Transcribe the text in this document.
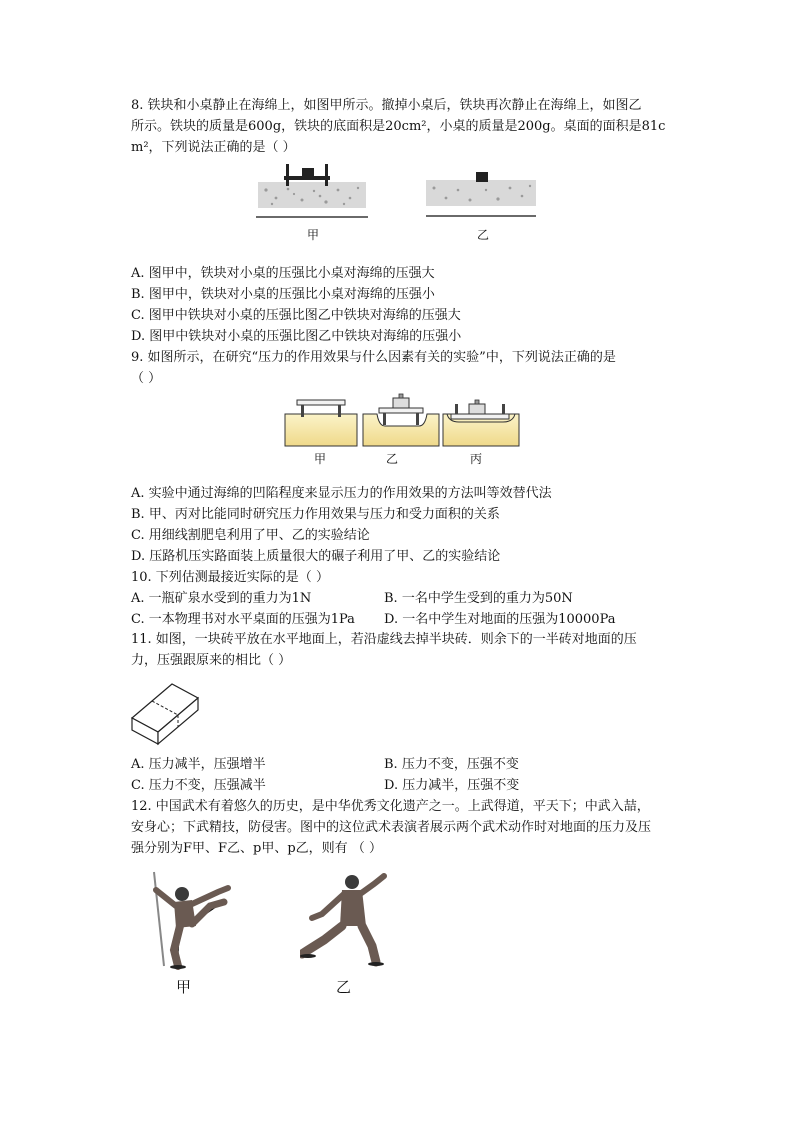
8. 铁块和小桌静止在海绵上，如图甲所示。撤掉小桌后，铁块再次静止在海绵上，如图乙
所示。铁块的质量是600g，铁块的底面积是20cm²，小桌的质量是200g。桌面的面积是81c
m²，下列说法正确的是（ ）
甲	乙
A. 图甲中，铁块对小桌的压强比小桌对海绵的压强大
B. 图甲中，铁块对小桌的压强比小桌对海绵的压强小
C. 图甲中铁块对小桌的压强比图乙中铁块对海绵的压强大
D. 图甲中铁块对小桌的压强比图乙中铁块对海绵的压强小
9. 如图所示，在研究“压力的作用效果与什么因素有关的实验”中，下列说法正确的是
（ ）
甲	乙	丙
A. 实验中通过海绵的凹陷程度来显示压力的作用效果的方法叫等效替代法
B. 甲、丙对比能同时研究压力作用效果与压力和受力面积的关系
C. 用细线割肥皂利用了甲、乙的实验结论
D. 压路机压实路面装上质量很大的碾子利用了甲、乙的实验结论
10. 下列估测最接近实际的是（ ）
A. 一瓶矿泉水受到的重力为1N	B. 一名中学生受到的重力为50N
C. 一本物理书对水平桌面的压强为1Pa D. 一名中学生对地面的压强为10000Pa
11. 如图，一块砖平放在水平地面上，若沿虚线去掉半块砖．则余下的一半砖对地面的压
力，压强跟原来的相比（ ）
A. 压力减半，压强增半	B. 压力不变，压强不变
C. 压力不变，压强减半	D. 压力减半，压强不变
12. 中国武术有着悠久的历史，是中华优秀文化遗产之一。上武得道，平天下；中武入喆，
安身心；下武精技，防侵害。图中的这位武术表演者展示两个武术动作时对地面的压力及压
强分别为F甲、F乙、p甲、p乙，则有 （ ）
甲	乙
